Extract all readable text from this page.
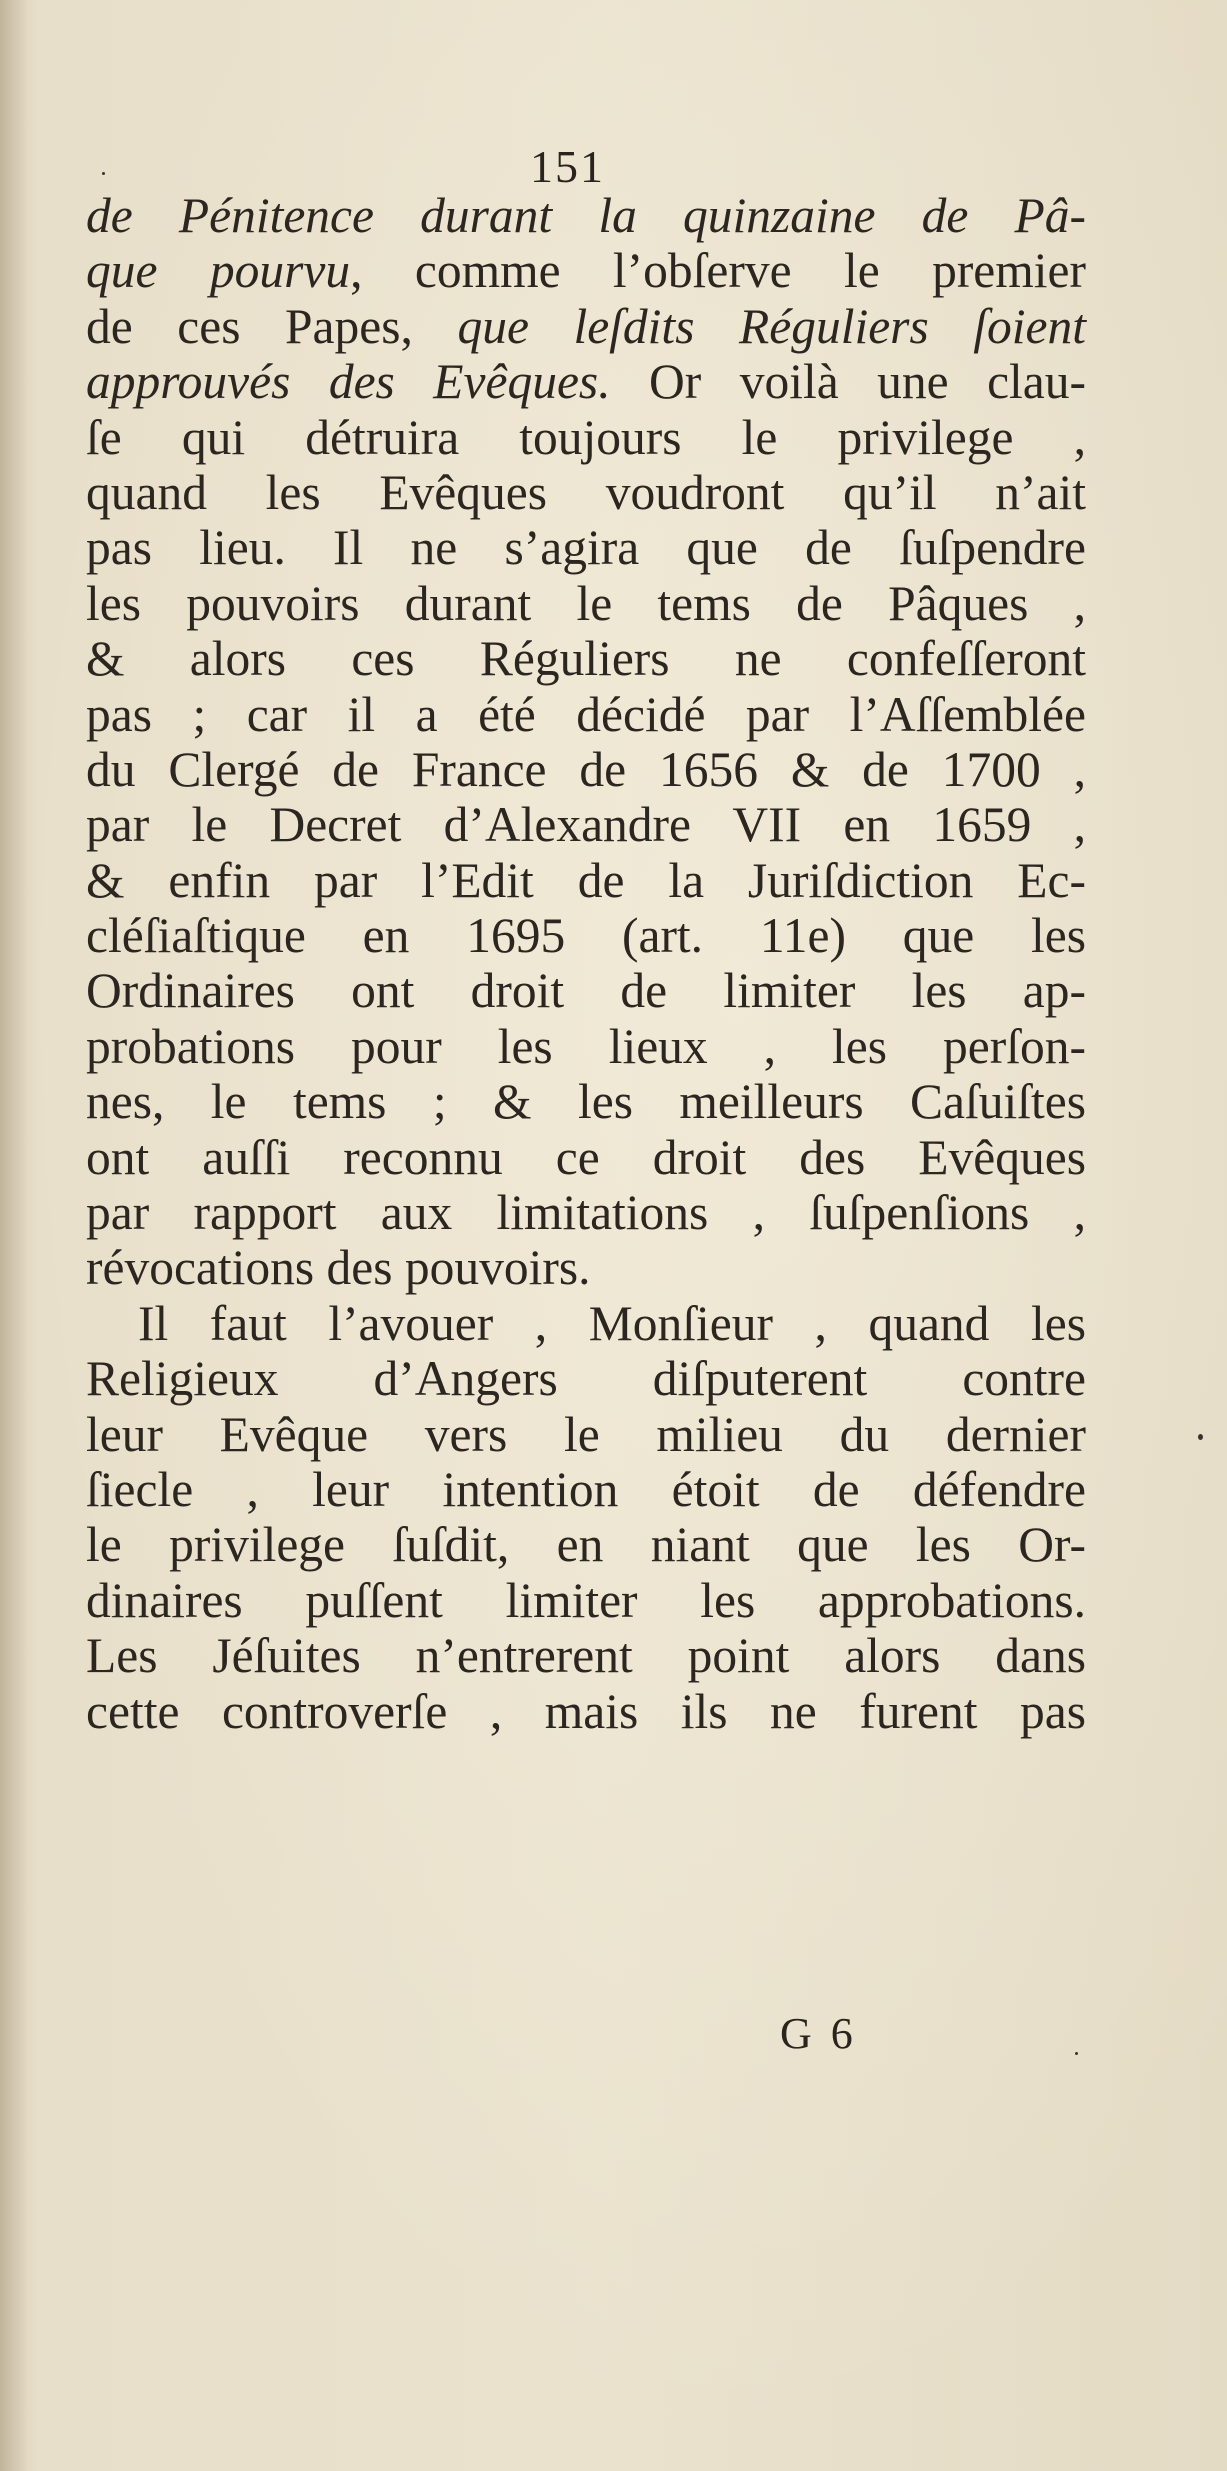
151
de Pénitence durant la quinzaine de Pâ-
que pourvu, comme l’obſerve le premier
de ces Papes, que leſdits Réguliers ſoient
approuvés des Evêques. Or voilà une clau-
ſe qui détruira toujours le privilege ,
quand les Evêques voudront qu’il n’ait
pas lieu. Il ne s’agira que de ſuſpendre
les pouvoirs durant le tems de Pâques ,
& alors ces Réguliers ne confeſſeront
pas ; car il a été décidé par l’Aſſemblée
du Clergé de France de 1656 & de 1700 ,
par le Decret d’Alexandre VII en 1659 ,
& enfin par l’Edit de la Juriſdiction Ec-
cléſiaſtique en 1695 (art. 11e) que les
Ordinaires ont droit de limiter les ap-
probations pour les lieux , les perſon-
nes, le tems ; & les meilleurs Caſuiſtes
ont auſſi reconnu ce droit des Evêques
par rapport aux limitations , ſuſpenſions ,
révocations des pouvoirs.
Il faut l’avouer , Monſieur , quand les
Religieux d’Angers diſputerent contre
leur Evêque vers le milieu du dernier
ſiecle , leur intention étoit de défendre
le privilege ſuſdit, en niant que les Or-
dinaires puſſent limiter les approbations.
Les Jéſuites n’entrerent point alors dans
cette controverſe , mais ils ne furent pas
G 6
